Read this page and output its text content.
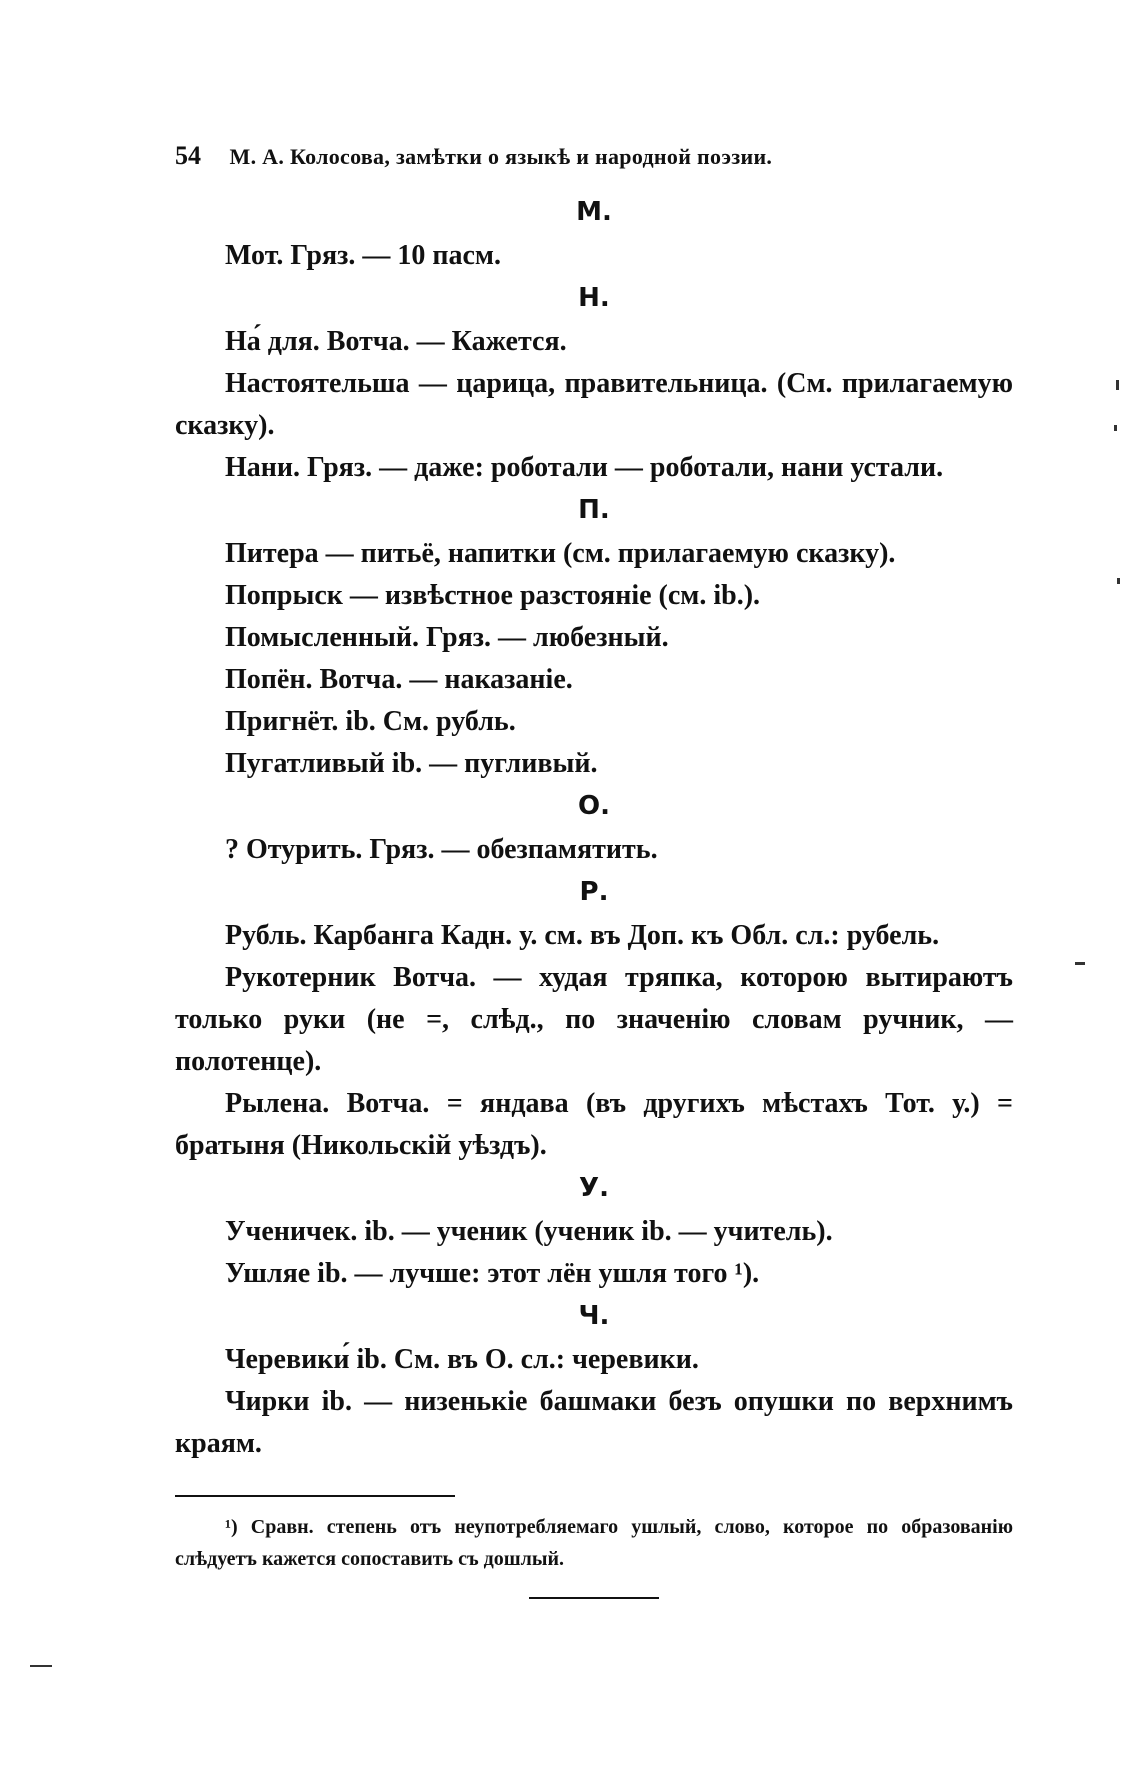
54 М. А. Колосова, замѣтки о языкѣ и народной поэзии.
M.

Мот. Гряз. — 10 пасм.

H.

На́ для. Вотча. — Кажется.

Настоятельша — царица, правительница. (См. прилагаемую сказку).

Нани. Гряз. — даже: роботали — роботали, нани устали.

П.

Питера — питьё, напитки (см. прилагаемую сказку).

Попрыск — извѣстное разстояніе (см. ib.).

Помысленный. Гряз. — любезный.

Попён. Вотча. — наказаніе.

Пригнёт. ib. См. рубль.

Пугатливый ib. — пугливый.

О.

? Отурить. Гряз. — обезпамятить.

Р.

Рубль. Карбанга Кадн. у. см. въ Доп. къ Обл. сл.: рубель.

Рукотерник Вотча. — худая тряпка, которою вытираютъ только руки (не =, слѣд., по значенію словам ручник, — полотенце).

Рылена. Вотча. = яндава (въ другихъ мѣстахъ Тот. у.) = братыня (Никольскій уѣздъ).

У.

Ученичек. ib. — ученик (ученик ib. — учитель).

Ушляе ib. — лучше: этот лён ушля того ¹).

Ч.

Черевики́ ib. См. въ О. сл.: черевики.

Чирки ib. — низенькіе башмаки безъ опушки по верхнимъ краям.

¹) Сравн. степень отъ неупотребляемаго ушлый, слово, которое по образованію слѣдуетъ кажется сопоставить съ дошлый.
